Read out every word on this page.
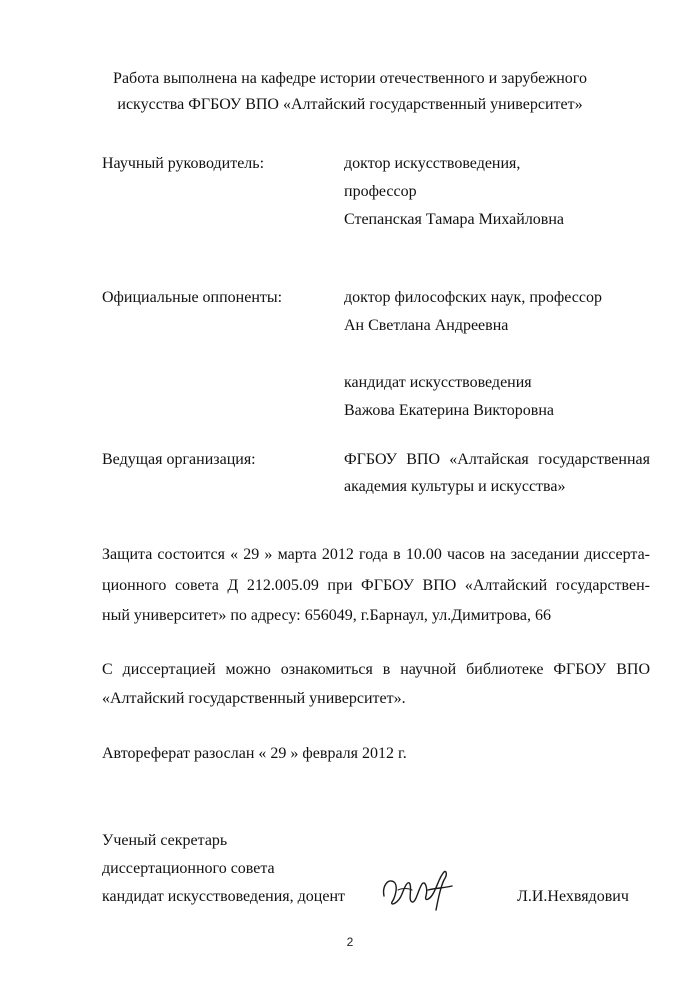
Работа выполнена на кафедре истории отечественного и зарубежного
искусства ФГБОУ ВПО «Алтайский государственный университет»
Научный руководитель:	доктор искусствоведения,
профессор
Степанская Тамара Михайловна
Официальные оппоненты:	доктор философских наук, профессор
Ан Светлана Андреевна
кандидат искусствоведения
Важова Екатерина Викторовна
Ведущая организация:	ФГБОУ ВПО «Алтайская государственная
академия культуры и искусства»
Защита состоится « 29 » марта 2012 года в 10.00 часов на заседании диссерта-
ционного совета Д 212.005.09 при ФГБОУ ВПО «Алтайский государствен-
ный университет» по адресу: 656049, г.Барнаул, ул.Димитрова, 66
С диссертацией можно ознакомиться в научной библиотеке ФГБОУ ВПО
«Алтайский государственный университет».
Автореферат разослан « 29 » февраля 2012 г.
Ученый секретарь
диссертационного совета
кандидат искусствоведения, доцент	Л.И.Нехвядович
2
